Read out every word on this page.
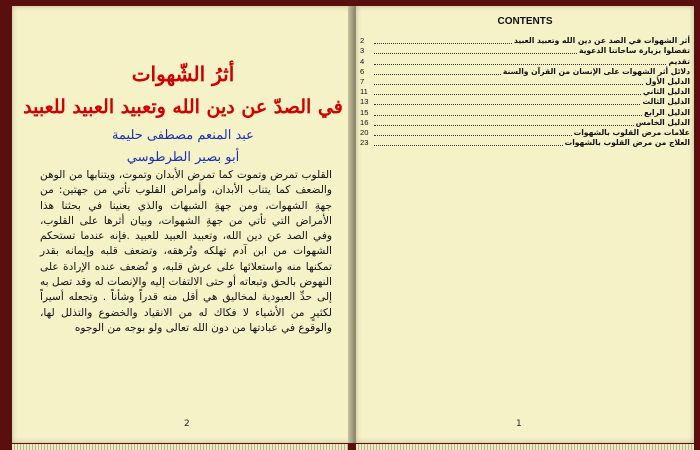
أثرُ الشّهوات
في الصدّ عن دين الله وتعبيد العبيد للعبيد
عبد المنعم مصطفى حليمة
أبو بصير الطرطوسي
القلوب تمرض وتموت كما تمرض الأبدان وتموت، ويتنابها من الوهن والضعف كما يتناب الأبدان، وأمراض القلوب تأتي من جهتين: من جهةِ الشهوات، ومن جهةِ الشبهات والذي يعنينا في بحثنا هذا الأمراض التي تأتي من جهةِ الشهوات، وبيان أثرها على القلوب، وفي الصد عن دين الله، وتعبيد العبيد للعبيد .فإنه عندما تستحكم الشهوات من ابن آدم تهلكه وتُرهقه، وتضعف قلبه وإيمانه بقدر تمكنها منه واستعلائها على عرش قلبه، و تُضعف عنده الإرادة على النهوض بالحق وتبعاته أو حتى الالتفات إليه والإنصات له وقد تصل به إلى حدِّ العبودية لمخاليق هي أقل منه قدراً وشأناً . وتجعله أسيراً لكثيرٍ من الأشياء لا فكاك له من الانقياد والخضوع والتذلل لها، والوقوع في عبادتها من دون الله تعالى ولو بوجه من الوجوه
2
CONTENTS
2	أثر الشهوات في الصد عن دين الله وتعبيد العبيد
3	تفضلوا بزيارة ساحاتنا الدعوية
4	تقديم
6	دلائل أثر الشهوات على الإنسان من القرآن والسنة
7	الدليل الأول
11	الدليل الثاني
13	الدليل الثالث
15	الدليل الرابع
16	الدليل الخامس
20	علامات مرض القلوب بالشهوات
23	العلاج من مرض القلوب بالشهوات
1
